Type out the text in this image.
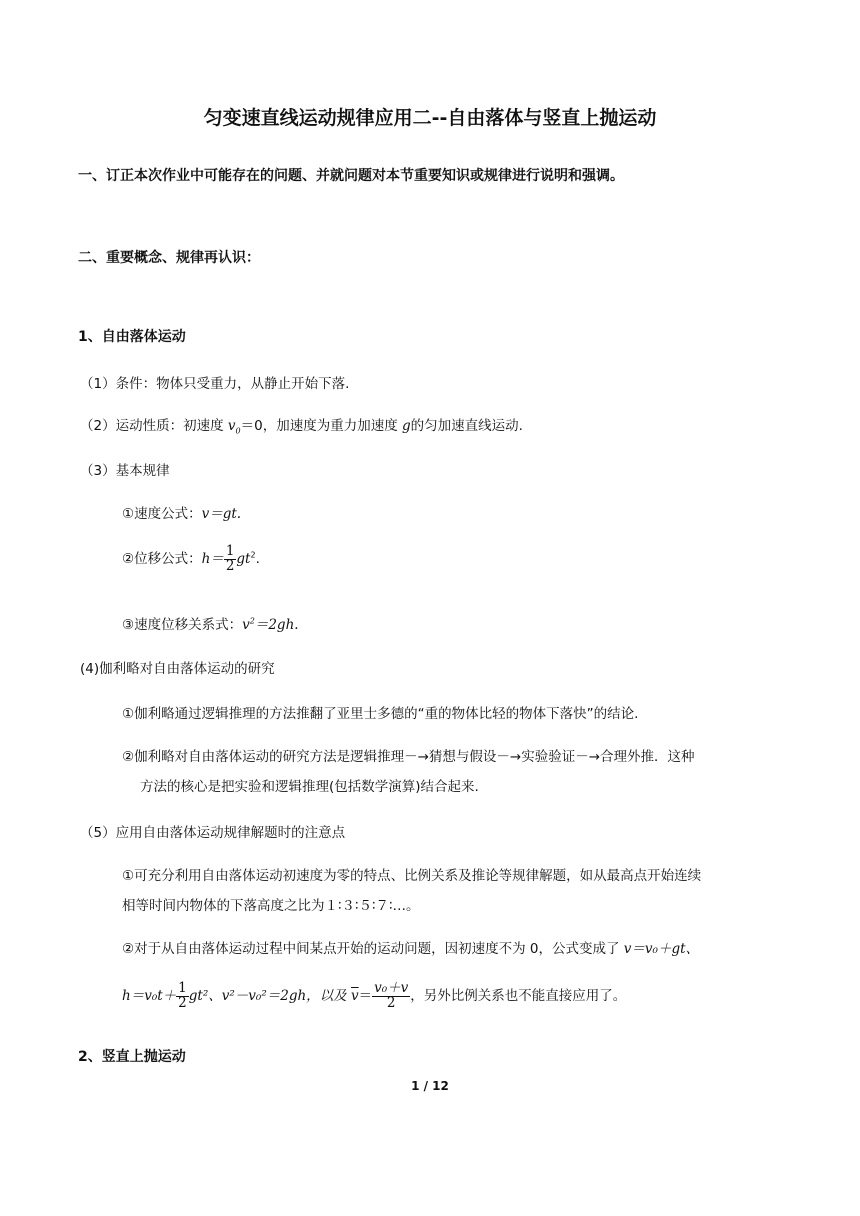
匀变速直线运动规律应用二--自由落体与竖直上抛运动
一、订正本次作业中可能存在的问题、并就问题对本节重要知识或规律进行说明和强调。
二、重要概念、规律再认识：
1、自由落体运动
（1）条件：物体只受重力，从静止开始下落.
（2）运动性质：初速度 $v_0=0$，加速度为重力加速度 g的匀加速直线运动.
（3）基本规律
①速度公式：v＝gt.
②位移公式：$h= \frac{1}{2} gt^2$.
③速度位移关系式：$v^2=2gh$.
(4)伽利略对自由落体运动的研究
①伽利略通过逻辑推理的方法推翻了亚里士多德的“重的物体比轻的物体下落快”的结论.
②伽利略对自由落体运动的研究方法是逻辑推理－→猜想与假设－→实验验证－→合理外推．这种
方法的核心是把实验和逻辑推理(包括数学演算)结合起来.
（5）应用自由落体运动规律解题时的注意点
①可充分利用自由落体运动初速度为零的特点、比例关系及推论等规律解题，如从最高点开始连续
相等时间内物体的下落高度之比为１∶３∶５∶７∶…。
②对于从自由落体运动过程中间某点开始的运动问题，因初速度不为 0，公式变成了 v＝v₀＋gt、
$h=v_0t+ \frac{1}{2} gt^2$、v²－v₀²＝2gh，以及 $\overline{v}= \frac{\text{v₀＋v}}{2}$ ，另外比例关系也不能直接应用了。
2、竖直上抛运动
1 / 12
